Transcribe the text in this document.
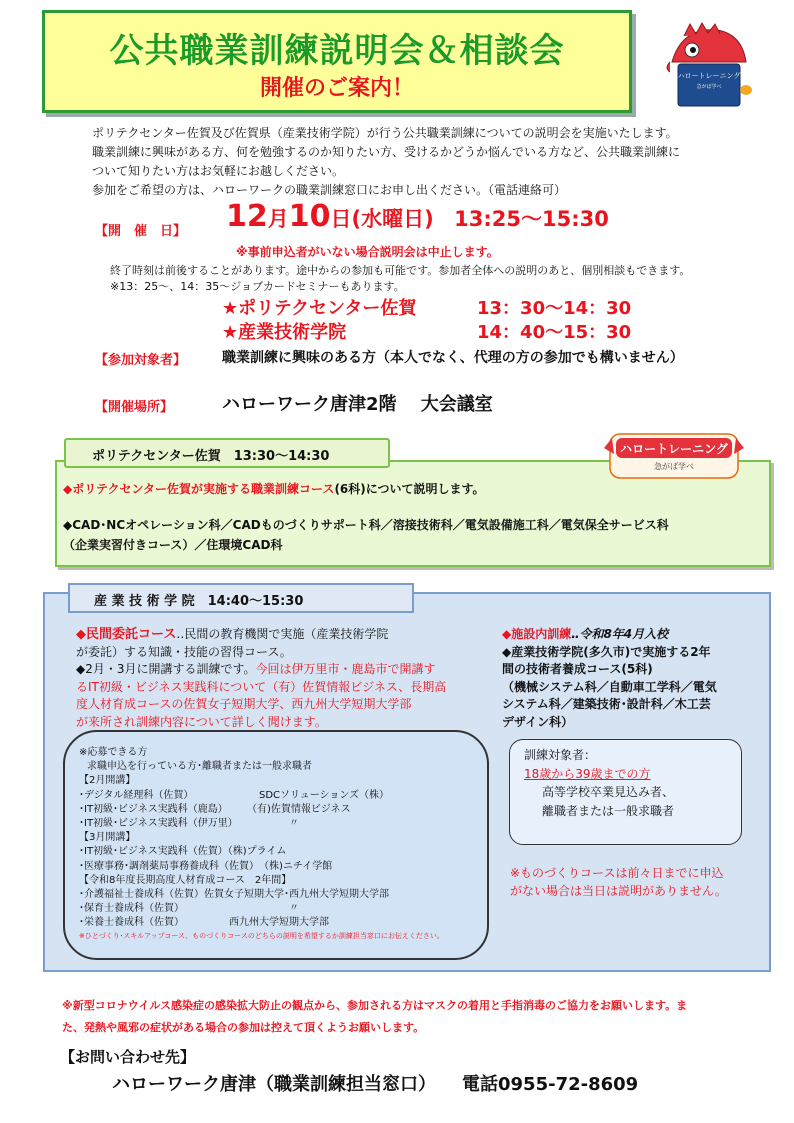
公共職業訓練説明会＆相談会
開催のご案内！	ハロートレーニング
急がば学べ
ポリテクセンター佐賀及び佐賀県（産業技術学院）が行う公共職業訓練についての説明会を実施いたします。
職業訓練に興味がある方、何を勉強するのか知りたい方、受けるかどうか悩んでいる方など、公共職業訓練に
ついて知りたい方はお気軽にお越しください。
参加をご希望の方は、ハローワークの職業訓練窓口にお申し出ください。（電話連絡可）
【開　催　日】 12月10日(水曜日) 13:25～15:30
※事前申込者がいない場合説明会は中止します。
終了時刻は前後することがあります。途中からの参加も可能です。参加者全体への説明のあと、個別相談もできます。
※13：25～、14：35～ジョブカードセミナーもあります。
★ポリテクセンター佐賀	13：30～14：30
★産業技術学院	14：40～15：30
【参加対象者】	職業訓練に興味のある方（本人でなく、代理の方の参加でも構いません）
【開催場所】	ハローワーク唐津2階　 大会議室
◆ポリテクセンター佐賀が実施する職業訓練コース(6科)について説明します。
◆CAD･NCオペレーション科／CADものづくりサポート科／溶接技術科／電気設備施工科／電気保全サービス科
（企業実習付きコース）／住環境CAD科
ポリテクセンター佐賀　13:30～14:30	ハロートレーニング
急がば学べ
産 業 技 術 学 院　14:40～15:30
◆民間委託コース‥民間の教育機関で実施（産業技術学院
が委託）する知識・技能の習得コース。
◆2月・3月に開講する訓練です。今回は伊万里市・鹿島市で開講す
るIT初級・ビジネス実践科について（有）佐賀情報ビジネス、長期高
度人材育成コースの佐賀女子短期大学、西九州大学短期大学部
が来所され訓練内容について詳しく聞けます。
◆施設内訓練‥令和8年4月入校
◆産業技術学院(多久市)で実施する2年
間の技術者養成コース(5科)
（機械システム科／自動車工学科／電気
システム科／建築技術･設計科／木工芸
デザイン科）
※応募できる方
求職申込を行っている方･離職者または一般求職者
【2月開講】
･デジタル経理科（佐賀）	SDCソリューションズ（株）
･IT初級･ビジネス実践科（鹿島） （有)佐賀情報ビジネス
･IT初級･ビジネス実践科（伊万里）	〃
【3月開講】
･IT初級･ビジネス実践科（佐賀）（株)プライム
･医療事務･調剤薬局事務養成科（佐賀）　（株)ニチイ学館
【令和8年度長期高度人材育成コース　2年間】
･介護福祉士養成科（佐賀）佐賀女子短期大学･西九州大学短期大学部
･保育士養成科（佐賀）	〃
･栄養士養成科（佐賀）	西九州大学短期大学部
※ひとづくり･スキルアップコース、ものづくりコースのどちらの説明を希望するか訓練担当窓口にお伝えください。
訓練対象者：
18歳から39歳までの方
高等学校卒業見込み者、
離職者または一般求職者
※ものづくりコースは前々日までに申込
がない場合は当日は説明がありません。
※新型コロナウイルス感染症の感染拡大防止の観点から、参加される方はマスクの着用と手指消毒のご協力をお願いします。ま
た、発熱や風邪の症状がある場合の参加は控えて頂くようお願いします。
【お問い合わせ先】
ハローワーク唐津（職業訓練担当窓口） 電話0955-72-8609
